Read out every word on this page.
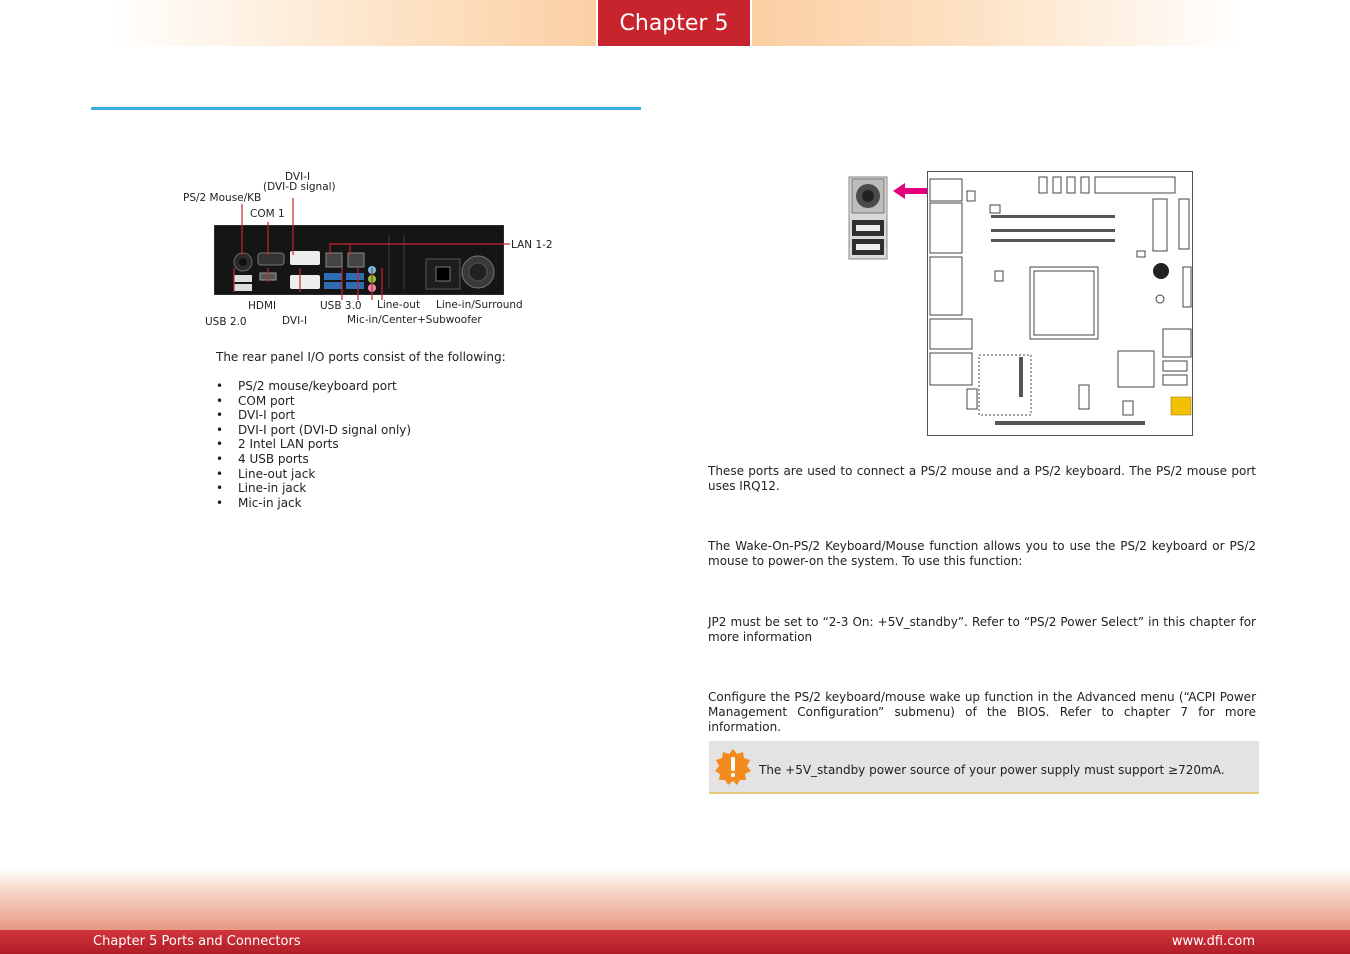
Chapter 5
DVI-I
(DVI-D signal)
PS/2 Mouse/KB
COM 1
LAN 1-2
HDMI	USB 3.0 Line-out Line-in/Surround
USB 2.0	DVI-I	Mic-in/Center+Subwoofer
The rear panel I/O ports consist of the following:
• PS/2 mouse/keyboard port
• COM port
• DVI-I port
• DVI-I port (DVI-D signal only)
• 2 Intel LAN ports
• 4 USB ports
• Line-out jack
• Line-in jack
• Mic-in jack
These ports are used to connect a PS/2 mouse and a PS/2 keyboard. The PS/2 mouse port uses IRQ12.
The Wake-On-PS/2 Keyboard/Mouse function allows you to use the PS/2 keyboard or PS/2 mouse to power-on the system. To use this function:
JP2 must be set to “2-3 On: +5V_standby”. Refer to “PS/2 Power Select” in this chapter for more information
Configure the PS/2 keyboard/mouse wake up function in the Advanced menu (“ACPI Power Management Configuration” submenu) of the BIOS. Refer to chapter 7 for more information.
The +5V_standby power source of your power supply must support ≥720mA.
Chapter 5 Ports and Connectors	www.dfi.com
